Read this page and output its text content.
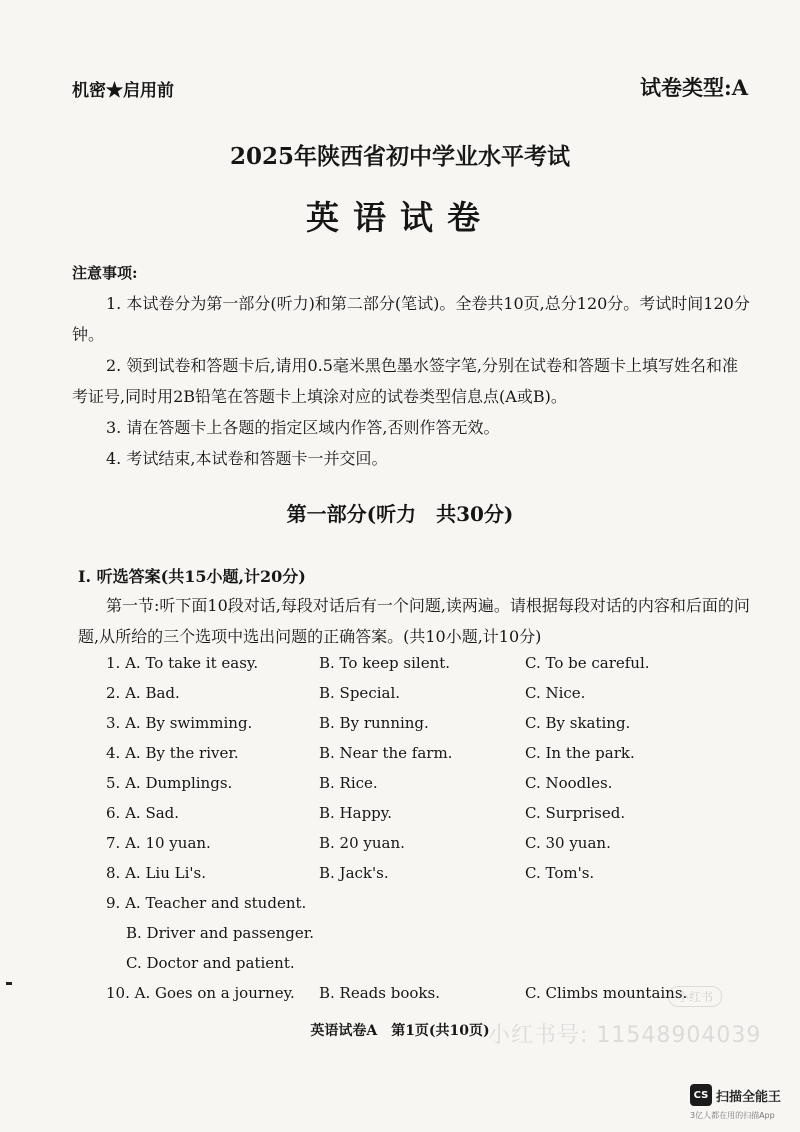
机密★启用前	试卷类型:A
2025年陕西省初中学业水平考试
英语试卷
注意事项:
1. 本试卷分为第一部分(听力)和第二部分(笔试)。全卷共10页,总分120分。考试时间120分钟。
2. 领到试卷和答题卡后,请用0.5毫米黑色墨水签字笔,分别在试卷和答题卡上填写姓名和准考证号,同时用2B铅笔在答题卡上填涂对应的试卷类型信息点(A或B)。
3. 请在答题卡上各题的指定区域内作答,否则作答无效。
4. 考试结束,本试卷和答题卡一并交回。
第一部分(听力　共30分)
Ⅰ. 听选答案(共15小题,计20分)
第一节:听下面10段对话,每段对话后有一个问题,读两遍。请根据每段对话的内容和后面的问题,从所给的三个选项中选出问题的正确答案。(共10小题,计10分)
1. A. To take it easy.	B. To keep silent.	C. To be careful.
2. A. Bad.	B. Special.	C. Nice.
3. A. By swimming.	B. By running.	C. By skating.
4. A. By the river.	B. Near the farm.	C. In the park.
5. A. Dumplings.	B. Rice.	C. Noodles.
6. A. Sad.	B. Happy.	C. Surprised.
7. A. 10 yuan.	B. 20 yuan.	C. 30 yuan.
8. A. Liu Li's.	B. Jack's.	C. Tom's.
9. A. Teacher and student.
B. Driver and passenger.
C. Doctor and patient.
10. A. Goes on a journey. B. Reads books.	C. Climbs mountains.
小红书
小红书号: 11548904039
英语试卷A　第1页(共10页)
CS 扫描全能王
3亿人都在用的扫描App
